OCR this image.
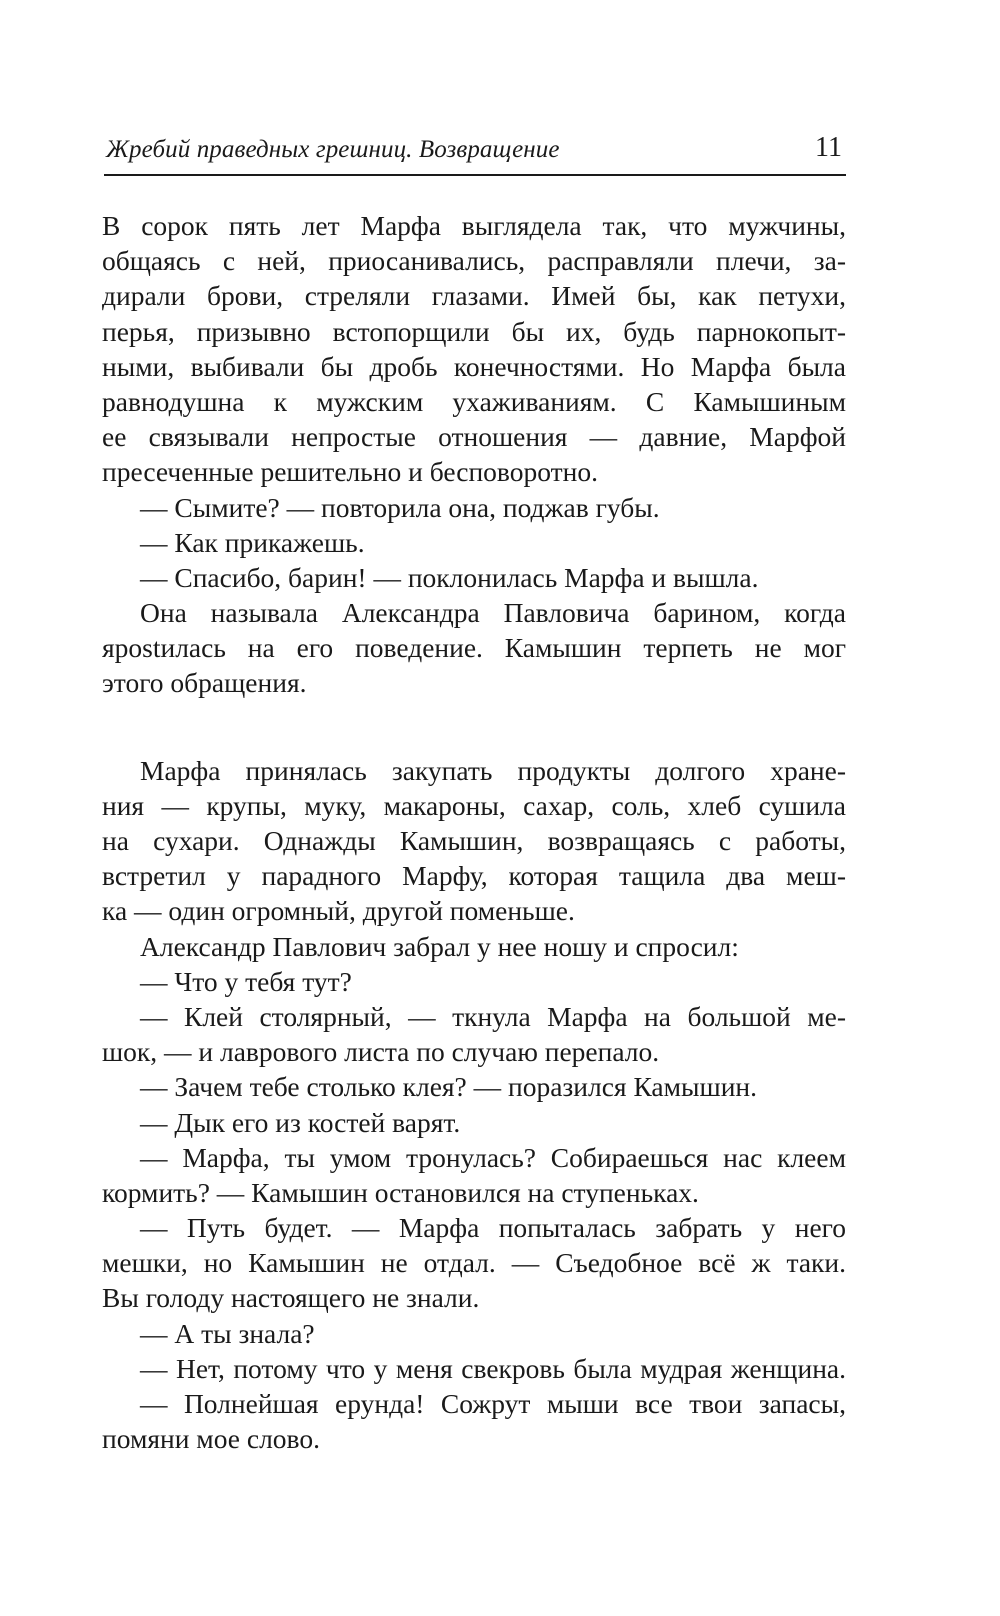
Жребий праведных грешниц. Возвращение	11
В сорок пять лет Марфа выглядела так, что мужчины,
общаясь с ней, приосанивались, расправляли плечи, за-
дирали брови, стреляли глазами. Имей бы, как петухи,
перья, призывно встопорщили бы их, будь парнокопыт-
ными, выбивали бы дробь конечностями. Но Марфа была
равнодушна к мужским ухаживаниям. С Камышиным
ее связывали непростые отношения — давние, Марфой
пресеченные решительно и бесповоротно.
— Сымите? — повторила она, поджав губы.
— Как прикажешь.
— Спасибо, барин! — поклонилась Марфа и вышла.
Она называла Александра Павловича барином, когда
ярostилась на его поведение. Камышин терпеть не мог
этого обращения.
Марфа принялась закупать продукты долгого хране-
ния — крупы, муку, макароны, сахар, соль, хлеб сушила
на сухари. Однажды Камышин, возвращаясь с работы,
встретил у парадного Марфу, которая тащила два меш-
ка — один огромный, другой поменьше.
Александр Павлович забрал у нее ношу и спросил:
— Что у тебя тут?
— Клей столярный, — ткнула Марфа на большой ме-
шок, — и лаврового листа по случаю перепало.
— Зачем тебе столько клея? — поразился Камышин.
— Дык его из костей варят.
— Марфа, ты умом тронулась? Собираешься нас клеем
кормить? — Камышин остановился на ступеньках.
— Путь будет. — Марфа попыталась забрать у него
мешки, но Камышин не отдал. — Съедобное всё ж таки.
Вы голоду настоящего не знали.
— А ты знала?
— Нет, потому что у меня свекровь была мудрая женщина.
— Полнейшая ерунда! Сожрут мыши все твои запасы,
помяни мое слово.
